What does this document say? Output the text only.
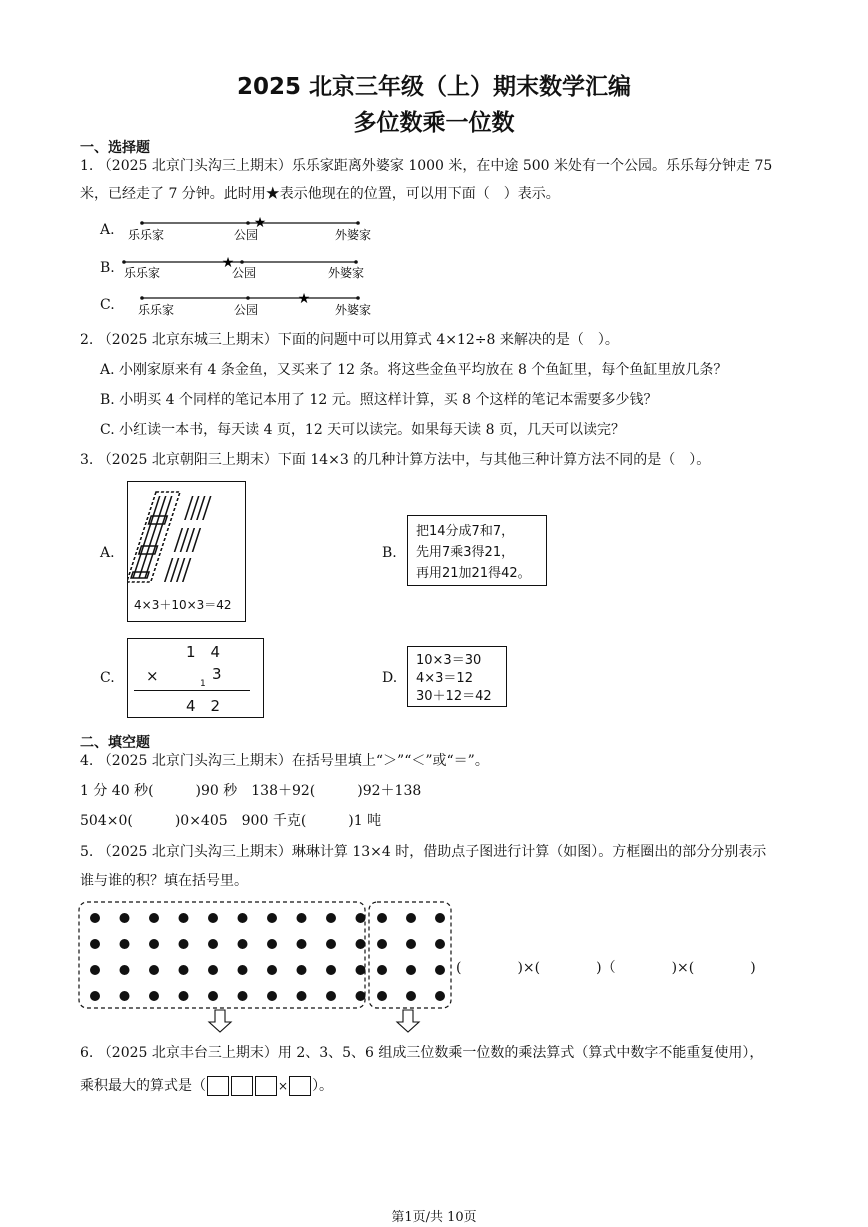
2025 北京三年级（上）期末数学汇编
多位数乘一位数
一、选择题
1. （2025 北京门头沟三上期末）乐乐家距离外婆家 1000 米，在中途 500 米处有一个公园。乐乐每分钟走 75
米，已经走了 7 分钟。此时用★表示他现在的位置，可以用下面（　）表示。
A.	★
乐乐家	公园	外婆家
B.	★
乐乐家	公园	外婆家
C.	★
乐乐家	公园	外婆家
2. （2025 北京东城三上期末）下面的问题中可以用算式 4×12÷8 来解决的是（　）。
A. 小刚家原来有 4 条金鱼，又买来了 12 条。将这些金鱼平均放在 8 个鱼缸里，每个鱼缸里放几条？
B. 小明买 4 个同样的笔记本用了 12 元。照这样计算，买 8 个这样的笔记本需要多少钱？
C. 小红读一本书，每天读 4 页，12 天可以读完。如果每天读 8 页，几天可以读完？
3. （2025 北京朝阳三上期末）下面 14×3 的几种计算方法中，与其他三种计算方法不同的是（　）。
A.
4×3＋10×3＝42
B.
把14分成7和7，
先用7乘3得21，
再用21加21得42。
C.
1　4
×	3
1
4　2
D.
10×3＝30
4×3＝12
30＋12＝42
二、填空题
4. （2025 北京门头沟三上期末）在括号里填上“＞”“＜”或“＝”。
1 分 40 秒(　　　)90 秒　138＋92(　　　)92＋138
504×0(　　　)0×405　900 千克(　　　)1 吨
5. （2025 北京门头沟三上期末）琳琳计算 13×4 时，借助点子图进行计算（如图）。方框圈出的部分分别表示
谁与谁的积？填在括号里。
(　　　　)×(　　　　)（　　　　)×(　　　　)
6. （2025 北京丰台三上期末）用 2、3、5、6 组成三位数乘一位数的乘法算式（算式中数字不能重复使用），
乘积最大的算式是（	× ）。
第1页/共 10页
